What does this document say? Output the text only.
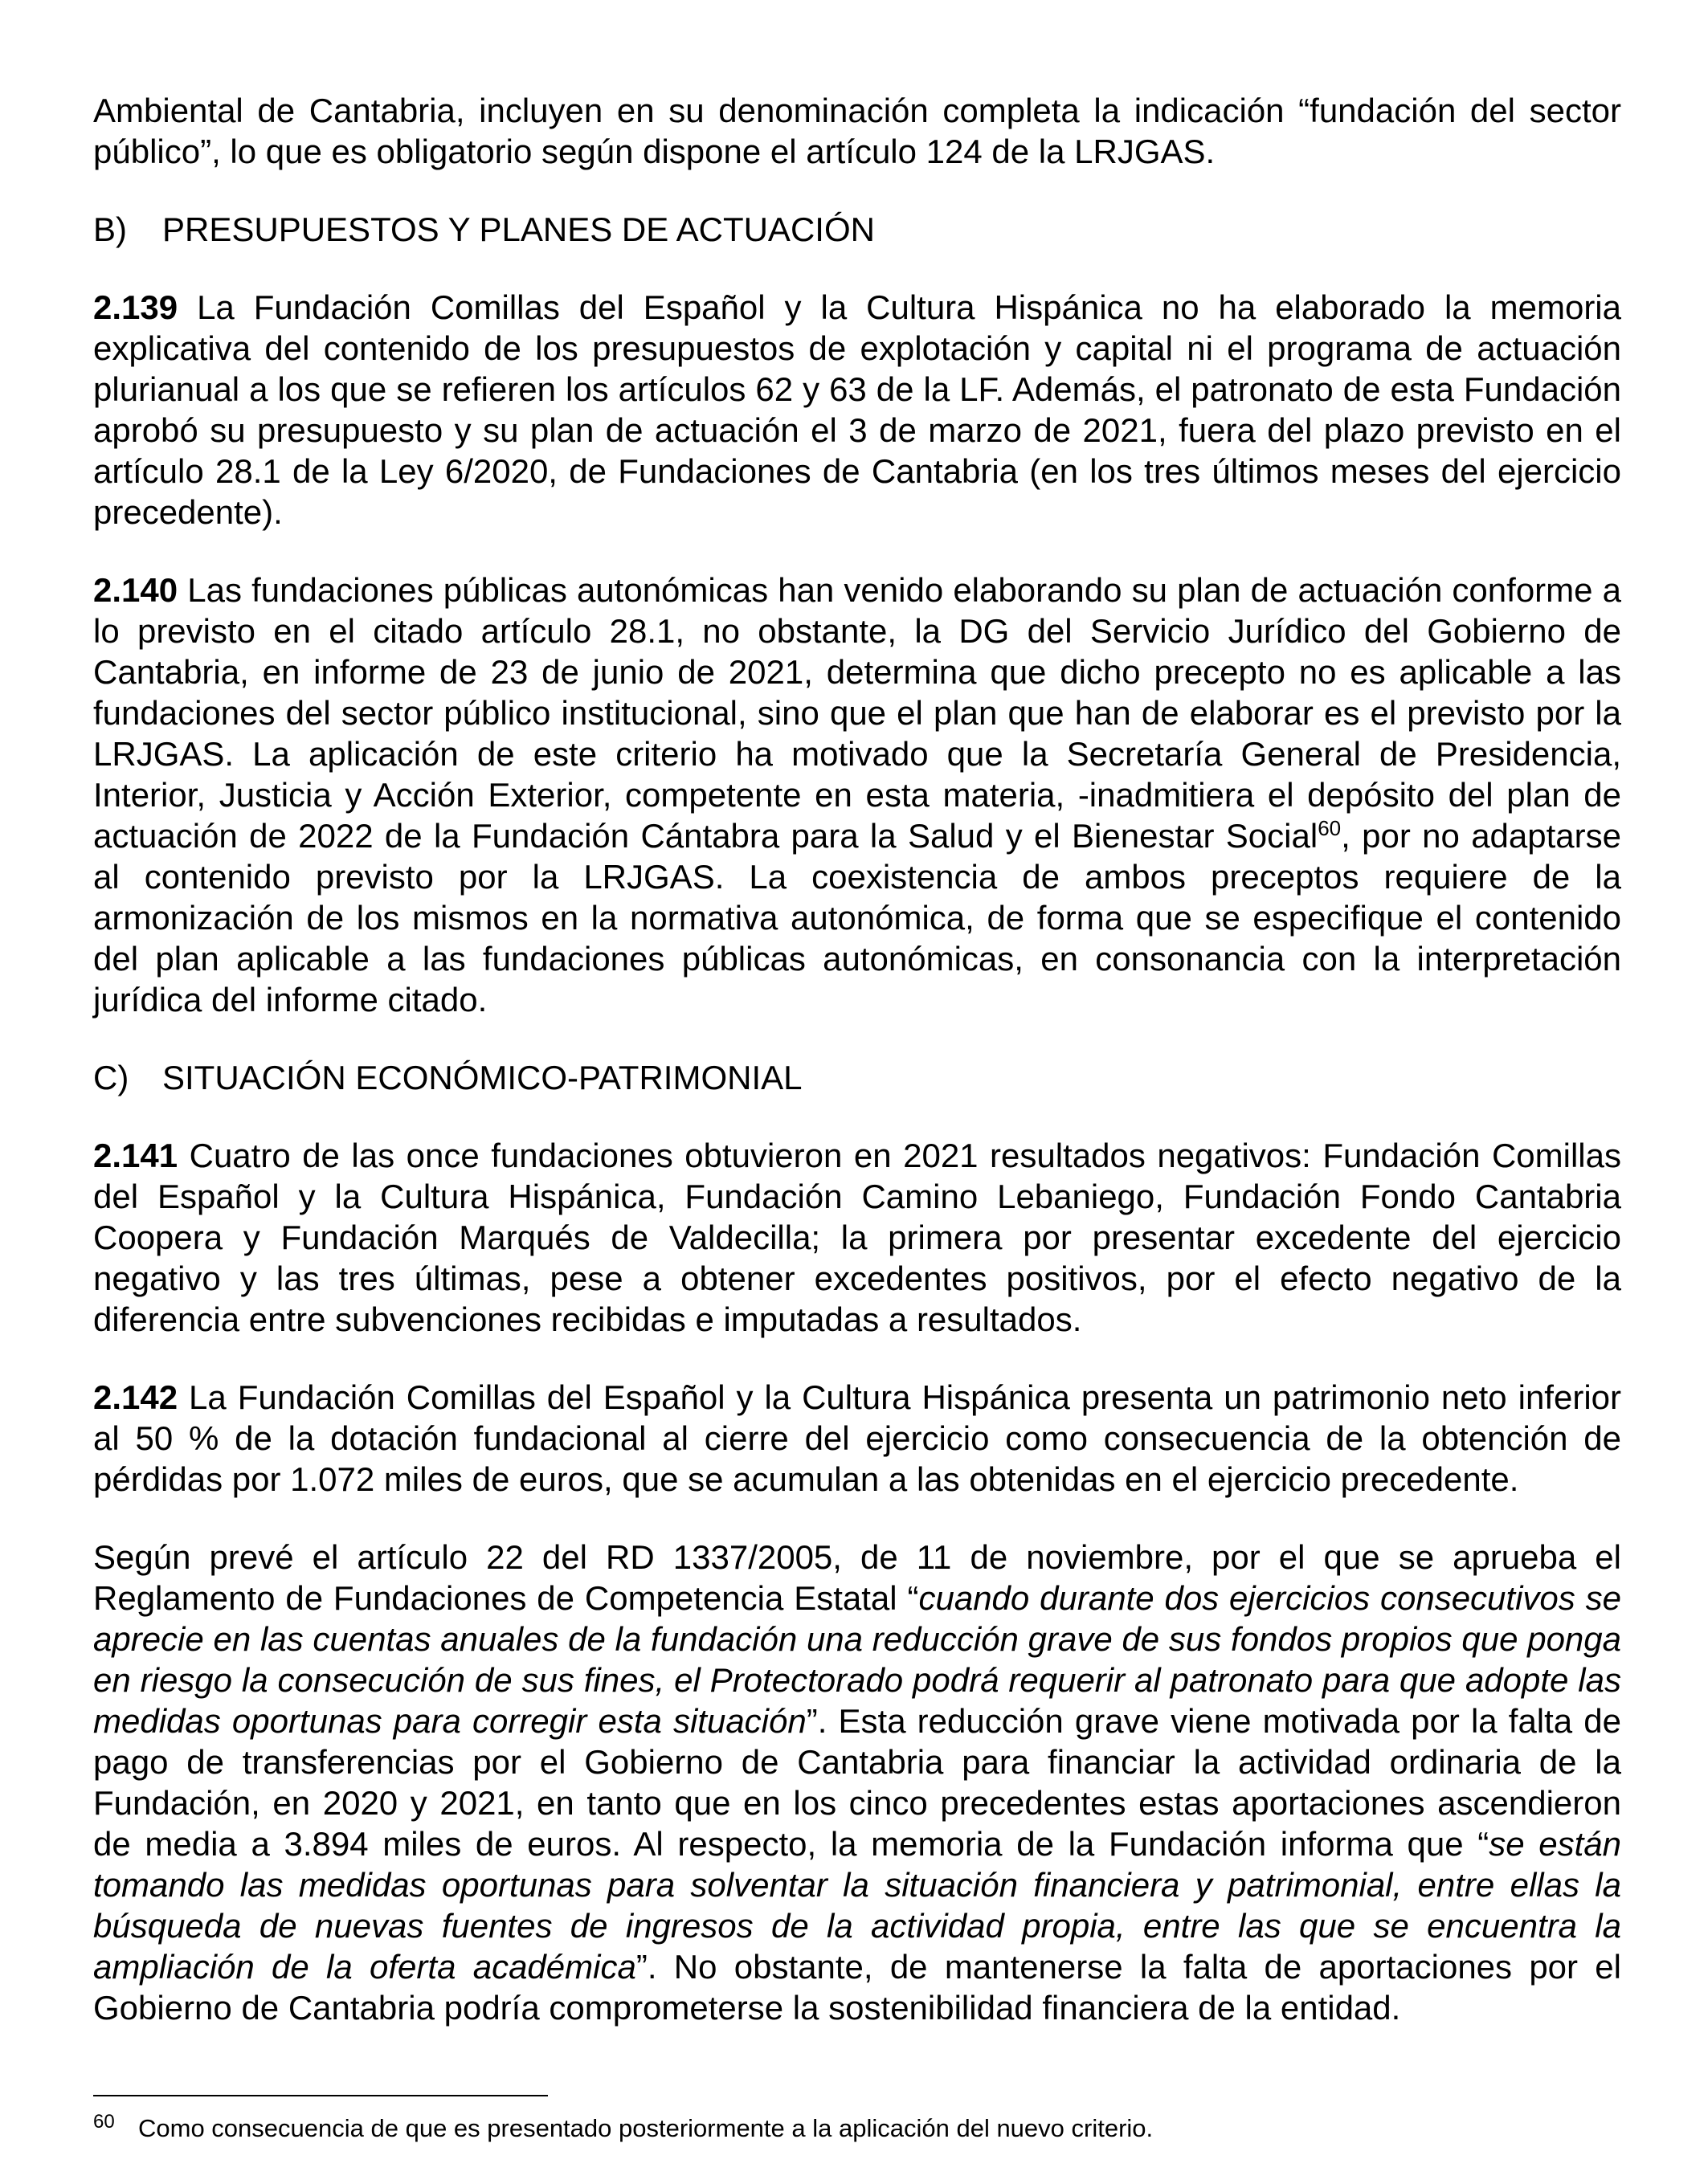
Ambiental de Cantabria, incluyen en su denominación completa la indicación “fundación del sector público”, lo que es obligatorio según dispone el artículo 124 de la LRJGAS.

B) PRESUPUESTOS Y PLANES DE ACTUACIÓN

2.139 La Fundación Comillas del Español y la Cultura Hispánica no ha elaborado la memoria explicativa del contenido de los presupuestos de explotación y capital ni el programa de actuación plurianual a los que se refieren los artículos 62 y 63 de la LF. Además, el patronato de esta Fundación aprobó su presupuesto y su plan de actuación el 3 de marzo de 2021, fuera del plazo previsto en el artículo 28.1 de la Ley 6/2020, de Fundaciones de Cantabria (en los tres últimos meses del ejercicio precedente).

2.140 Las fundaciones públicas autonómicas han venido elaborando su plan de actuación conforme a lo previsto en el citado artículo 28.1, no obstante, la DG del Servicio Jurídico del Gobierno de Cantabria, en informe de 23 de junio de 2021, determina que dicho precepto no es aplicable a las fundaciones del sector público institucional, sino que el plan que han de elaborar es el previsto por la LRJGAS. La aplicación de este criterio ha motivado que la Secretaría General de Presidencia, Interior, Justicia y Acción Exterior, competente en esta materia, -inadmitiera el depósito del plan de actuación de 2022 de la Fundación Cántabra para la Salud y el Bienestar Social$^{60}$, por no adaptarse al contenido previsto por la LRJGAS. La coexistencia de ambos preceptos requiere de la armonización de los mismos en la normativa autonómica, de forma que se especifique el contenido del plan aplicable a las fundaciones públicas autonómicas, en consonancia con la interpretación jurídica del informe citado.

C) SITUACIÓN ECONÓMICO-PATRIMONIAL

2.141 Cuatro de las once fundaciones obtuvieron en 2021 resultados negativos: Fundación Comillas del Español y la Cultura Hispánica, Fundación Camino Lebaniego, Fundación Fondo Cantabria Coopera y Fundación Marqués de Valdecilla; la primera por presentar excedente del ejercicio negativo y las tres últimas, pese a obtener excedentes positivos, por el efecto negativo de la diferencia entre subvenciones recibidas e imputadas a resultados.

2.142 La Fundación Comillas del Español y la Cultura Hispánica presenta un patrimonio neto inferior al 50 % de la dotación fundacional al cierre del ejercicio como consecuencia de la obtención de pérdidas por 1.072 miles de euros, que se acumulan a las obtenidas en el ejercicio precedente.

Según prevé el artículo 22 del RD 1337/2005, de 11 de noviembre, por el que se aprueba el Reglamento de Fundaciones de Competencia Estatal “cuando durante dos ejercicios consecutivos se aprecie en las cuentas anuales de la fundación una reducción grave de sus fondos propios que ponga en riesgo la consecución de sus fines, el Protectorado podrá requerir al patronato para que adopte las medidas oportunas para corregir esta situación”. Esta reducción grave viene motivada por la falta de pago de transferencias por el Gobierno de Cantabria para financiar la actividad ordinaria de la Fundación, en 2020 y 2021, en tanto que en los cinco precedentes estas aportaciones ascendieron de media a 3.894 miles de euros. Al respecto, la memoria de la Fundación informa que “se están tomando las medidas oportunas para solventar la situación financiera y patrimonial, entre ellas la búsqueda de nuevas fuentes de ingresos de la actividad propia, entre las que se encuentra la ampliación de la oferta académica”. No obstante, de mantenerse la falta de aportaciones por el Gobierno de Cantabria podría comprometerse la sostenibilidad financiera de la entidad.

60 Como consecuencia de que es presentado posteriormente a la aplicación del nuevo criterio.
